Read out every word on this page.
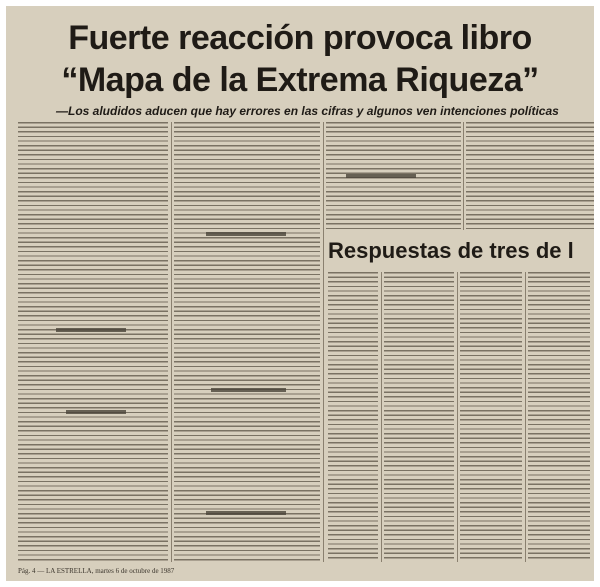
Fuerte reacción provoca libro
“Mapa de la Extrema Riqueza”
—Los aludidos aducen que hay errores en las cifras y algunos ven intenciones políticas
Respuestas de tres de l
Pág. 4 — LA ESTRELLA, martes 6 de octubre de 1987
